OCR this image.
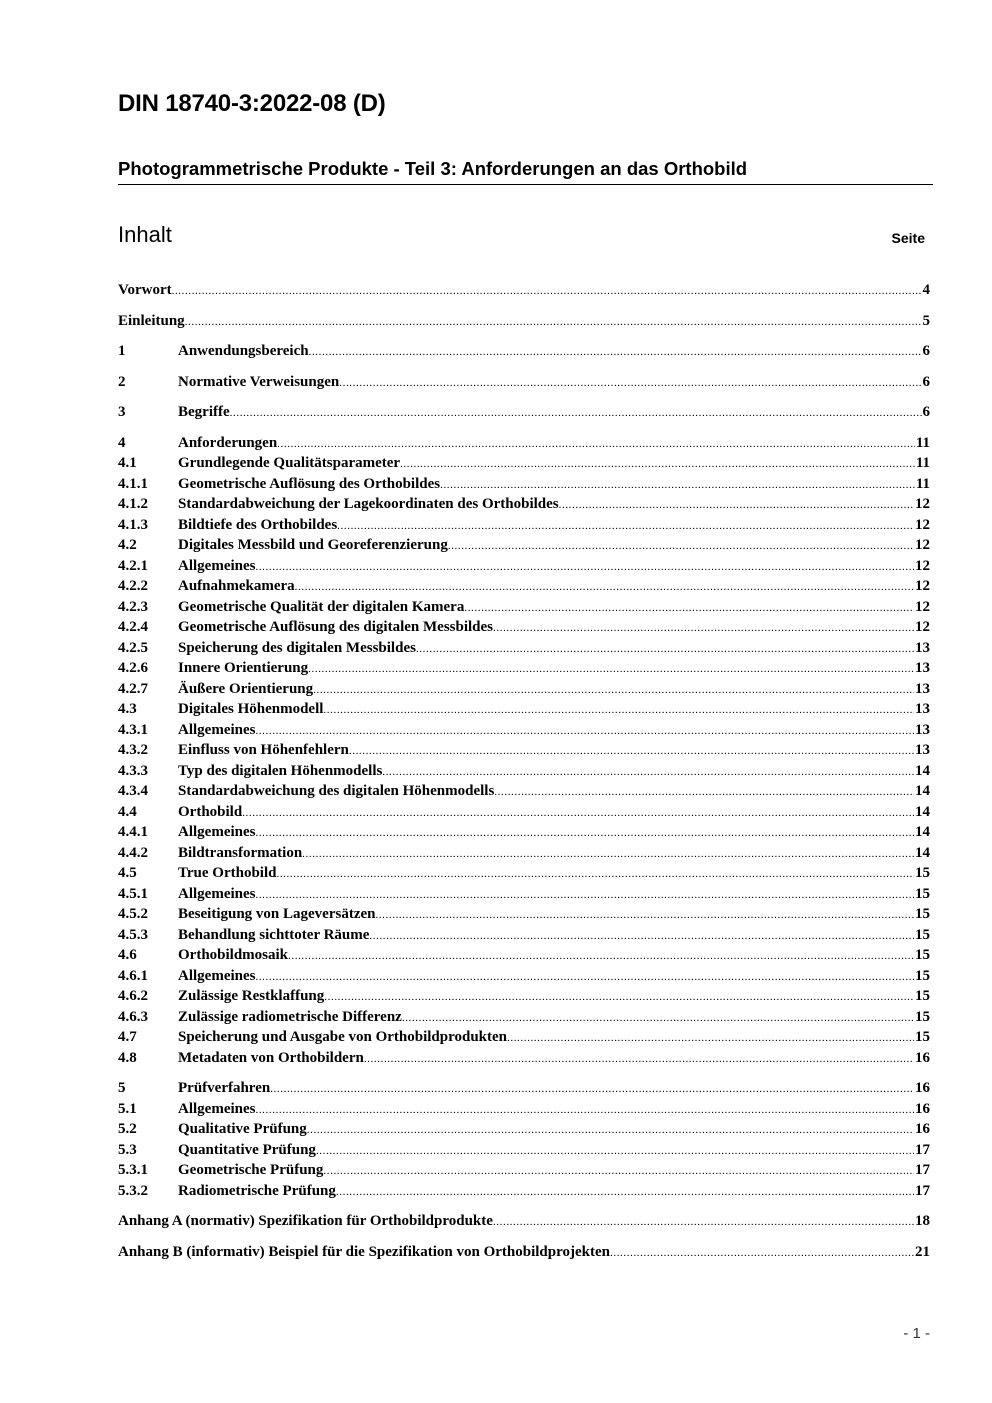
DIN 18740-3:2022-08 (D)
Photogrammetrische Produkte - Teil 3: Anforderungen an das Orthobild
Inhalt	Seite
Vorwort .....	4
Einleitung .....	5
1	Anwendungsbereich .....	6
2	Normative Verweisungen .....	6
3	Begriffe .....	6
4	Anforderungen .....	11
4.1	Grundlegende Qualitätsparameter .....	11
4.1.1	Geometrische Auflösung des Orthobildes .....	11
4.1.2	Standardabweichung der Lagekoordinaten des Orthobildes .....	12
4.1.3	Bildtiefe des Orthobildes .....	12
4.2	Digitales Messbild und Georeferenzierung .....	12
4.2.1	Allgemeines .....	12
4.2.2	Aufnahmekamera .....	12
4.2.3	Geometrische Qualität der digitalen Kamera .....	12
4.2.4	Geometrische Auflösung des digitalen Messbildes .....	12
4.2.5	Speicherung des digitalen Messbildes .....	13
4.2.6	Innere Orientierung .....	13
4.2.7	Äußere Orientierung .....	13
4.3	Digitales Höhenmodell .....	13
4.3.1	Allgemeines .....	13
4.3.2	Einfluss von Höhenfehlern .....	13
4.3.3	Typ des digitalen Höhenmodells .....	14
4.3.4	Standardabweichung des digitalen Höhenmodells .....	14
4.4	Orthobild .....	14
4.4.1	Allgemeines .....	14
4.4.2	Bildtransformation .....	14
4.5	True Orthobild .....	15
4.5.1	Allgemeines .....	15
4.5.2	Beseitigung von Lageversätzen .....	15
4.5.3	Behandlung sichttoter Räume .....	15
4.6	Orthobildmosaik .....	15
4.6.1	Allgemeines .....	15
4.6.2	Zulässige Restklaffung .....	15
4.6.3	Zulässige radiometrische Differenz .....	15
4.7	Speicherung und Ausgabe von Orthobildprodukten .....	15
4.8	Metadaten von Orthobildern .....	16
5	Prüfverfahren .....	16
5.1	Allgemeines .....	16
5.2	Qualitative Prüfung .....	16
5.3	Quantitative Prüfung .....	17
5.3.1	Geometrische Prüfung .....	17
5.3.2	Radiometrische Prüfung .....	17
Anhang A (normativ) Spezifikation für Orthobildprodukte .....	18
Anhang B (informativ) Beispiel für die Spezifikation von Orthobildprojekten .....	21
- 1 -
